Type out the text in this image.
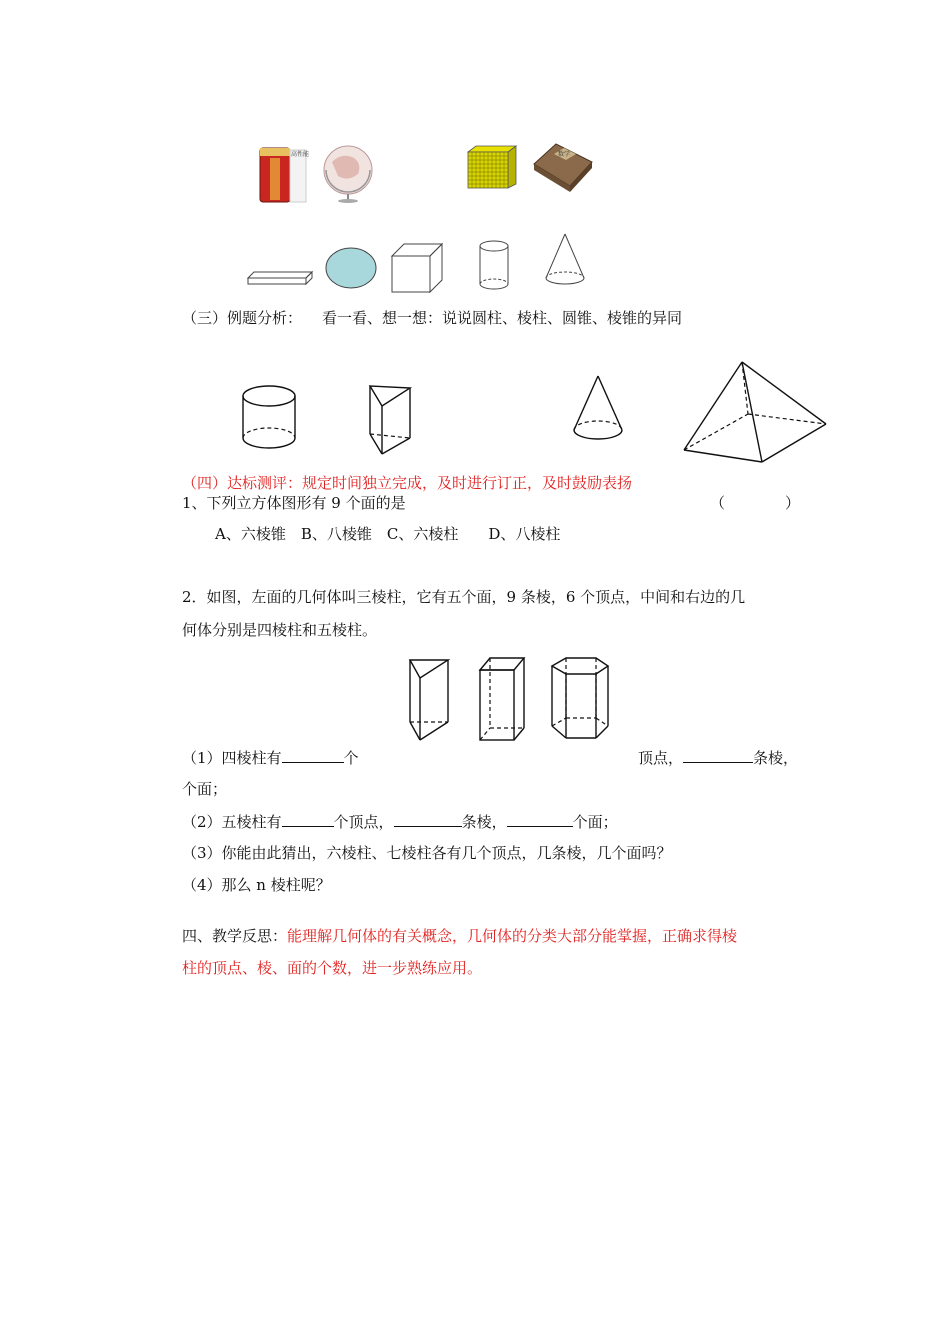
高性能	数学
（三）例题分析： 看一看、想一想：说说圆柱、棱柱、圆锥、棱锥的异同
（四）达标测评：规定时间独立完成，及时进行订正，及时鼓励表扬
1、下列立方体图形有 9 个面的是	（　　　　）
A、六棱锥　B、八棱锥　C、六棱柱　　D、八棱柱
2．如图，左面的几何体叫三棱柱，它有五个面，9 条棱，6 个顶点，中间和右边的几
何体分别是四棱柱和五棱柱。
（1）四棱柱有	个	顶点，	条棱，
个面；
（2）五棱柱有	个顶点，	条棱，	个面；
（3）你能由此猜出，六棱柱、七棱柱各有几个顶点，几条棱，几个面吗？
（4）那么 n 棱柱呢？
四、教学反思：能理解几何体的有关概念，几何体的分类大部分能掌握，正确求得棱
柱的顶点、棱、面的个数，进一步熟练应用。
